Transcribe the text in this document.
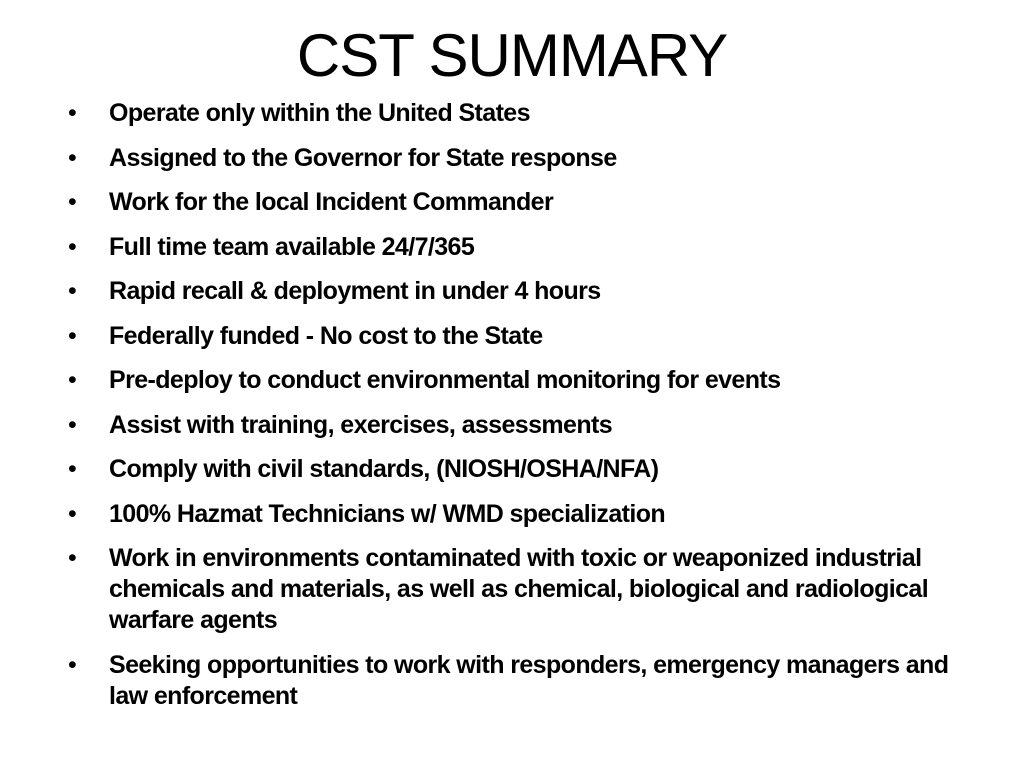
CST SUMMARY
• Operate only within the United States
• Assigned to the Governor for State response
• Work for the local Incident Commander
• Full time team available 24/7/365
• Rapid recall & deployment in under 4 hours
• Federally funded - No cost to the State
• Pre-deploy to conduct environmental monitoring for events
• Assist with training, exercises, assessments
• Comply with civil standards, (NIOSH/OSHA/NFA)
• 100% Hazmat Technicians w/ WMD specialization
• Work in environments contaminated with toxic or weaponized industrial chemicals and materials, as well as chemical, biological and radiological warfare agents
• Seeking opportunities to work with responders, emergency managers and law enforcement
